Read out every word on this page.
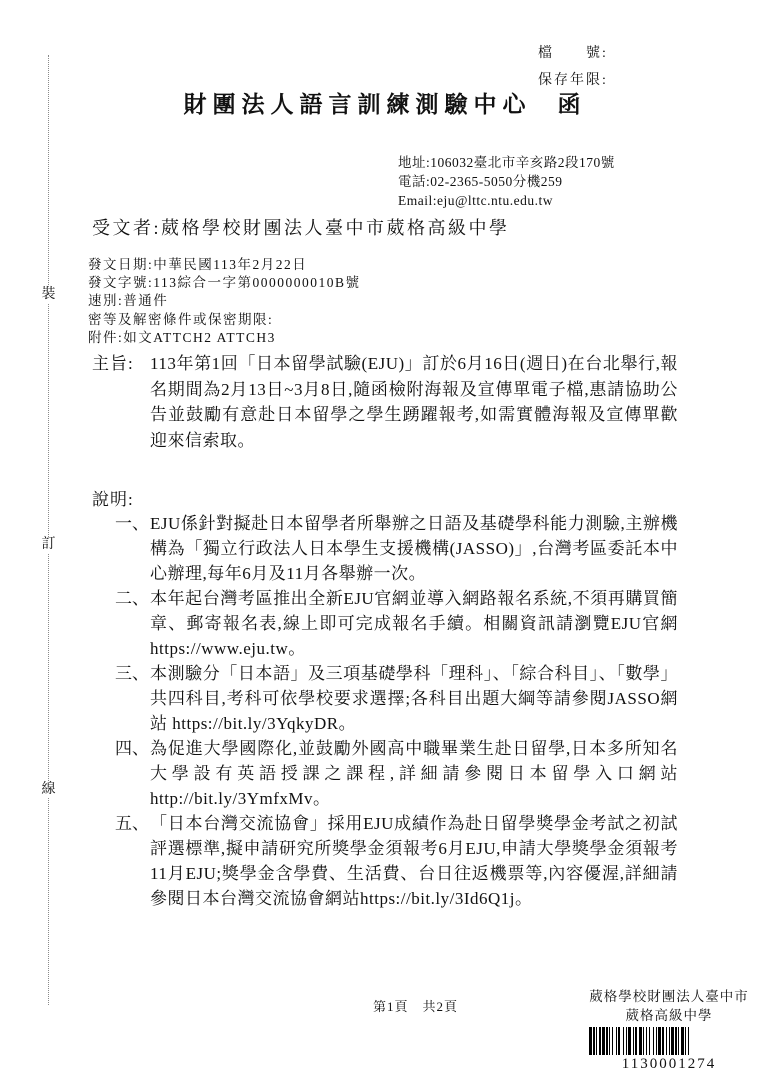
檔　　號:
保存年限:
財團法人語言訓練測驗中心 函
地址:106032臺北市辛亥路2段170號
電話:02-2365-5050分機259
Email:eju@lttc.ntu.edu.tw
受文者:葳格學校財團法人臺中市葳格高級中學
發文日期:中華民國113年2月22日
發文字號:113綜合一字第0000000010B號
速別:普通件
密等及解密條件或保密期限:
附件:如文ATTCH2 ATTCH3
主旨: 113年第1回「日本留學試驗(EJU)」訂於6月16日(週日)在台北舉行,報名期間為2月13日~3月8日,隨函檢附海報及宣傳單電子檔,惠請協助公告並鼓勵有意赴日本留學之學生踴躍報考,如需實體海報及宣傳單歡迎來信索取。
說明:
一、 EJU係針對擬赴日本留學者所舉辦之日語及基礎學科能力測驗,主辦機構為「獨立行政法人日本學生支援機構(JASSO)」,台灣考區委託本中心辦理,每年6月及11月各舉辦一次。
二、 本年起台灣考區推出全新EJU官網並導入網路報名系統,不須再購買簡章、郵寄報名表,線上即可完成報名手續。相關資訊請瀏覽EJU官網 https://www.eju.tw。
三、 本測驗分「日本語」及三項基礎學科「理科」、「綜合科目」、「數學」共四科目,考科可依學校要求選擇;各科目出題大綱等請參閱JASSO網站 https://bit.ly/3YqkyDR。
四、 為促進大學國際化,並鼓勵外國高中職畢業生赴日留學,日本多所知名大學設有英語授課之課程,詳細請參閱日本留學入口網站 http://bit.ly/3YmfxMv。
五、 「日本台灣交流協會」採用EJU成績作為赴日留學獎學金考試之初試評選標準,擬申請研究所獎學金須報考6月EJU,申請大學獎學金須報考11月EJU;獎學金含學費、生活費、台日往返機票等,內容優渥,詳細請參閱日本台灣交流協會網站https://bit.ly/3Id6Q1j。
裝
訂
線
第1頁　共2頁
葳格學校財團法人臺中市
葳格高級中學
1130001274
